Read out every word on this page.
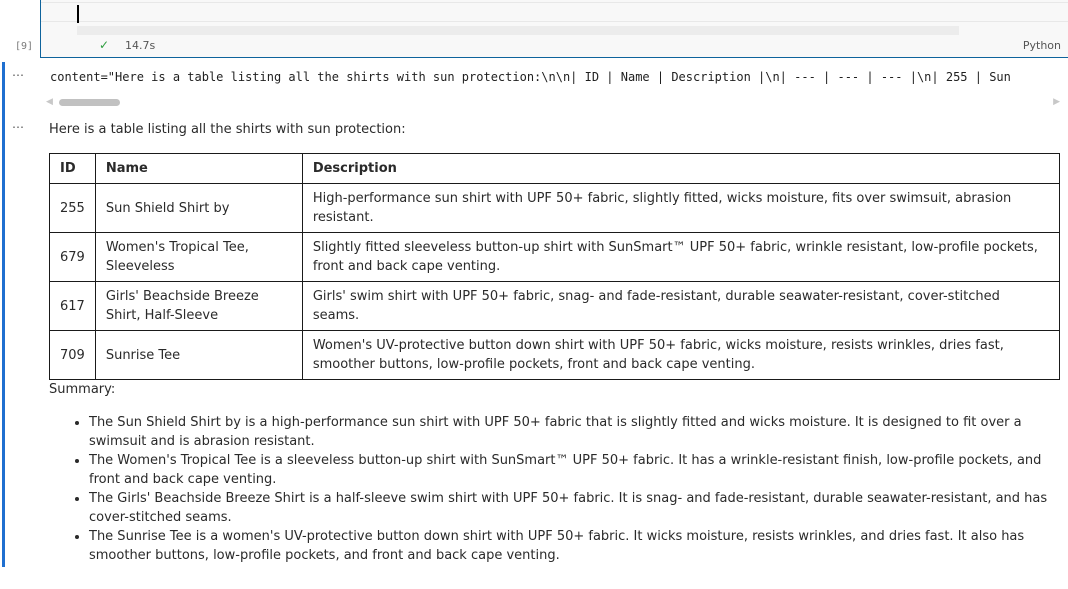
✓ 14.7s	Python
[9]
⋯ content="Here is a table listing all the shirts with sun protection:\n\n| ID | Name | Description |\n| --- | --- | --- |\n| 255 | Sun
◀	▶
⋯ Here is a table listing all the shirts with sun protection:

ID	Name	Description
255	Sun Shield Shirt by	High-performance sun shirt with UPF 50+ fabric, slightly fitted, wicks moisture, fits over swimsuit, abrasion resistant.
679	Women's Tropical Tee, Sleeveless	Slightly fitted sleeveless button-up shirt with SunSmart™ UPF 50+ fabric, wrinkle resistant, low-profile pockets, front and back cape venting.
617	Girls' Beachside Breeze Shirt, Half-Sleeve	Girls' swim shirt with UPF 50+ fabric, snag- and fade-resistant, durable seawater-resistant, cover-stitched seams.
709	Sunrise Tee	Women's UV-protective button down shirt with UPF 50+ fabric, wicks moisture, resists wrinkles, dries fast, smoother buttons, low-profile pockets, front and back cape venting.

Summary:

• The Sun Shield Shirt by is a high-performance sun shirt with UPF 50+ fabric that is slightly fitted and wicks moisture. It is designed to fit over a swimsuit and is abrasion resistant.
• The Women's Tropical Tee is a sleeveless button-up shirt with SunSmart™ UPF 50+ fabric. It has a wrinkle-resistant finish, low-profile pockets, and front and back cape venting.
• The Girls' Beachside Breeze Shirt is a half-sleeve swim shirt with UPF 50+ fabric. It is snag- and fade-resistant, durable seawater-resistant, and has cover-stitched seams.
• The Sunrise Tee is a women's UV-protective button down shirt with UPF 50+ fabric. It wicks moisture, resists wrinkles, and dries fast. It also has smoother buttons, low-profile pockets, and front and back cape venting.
